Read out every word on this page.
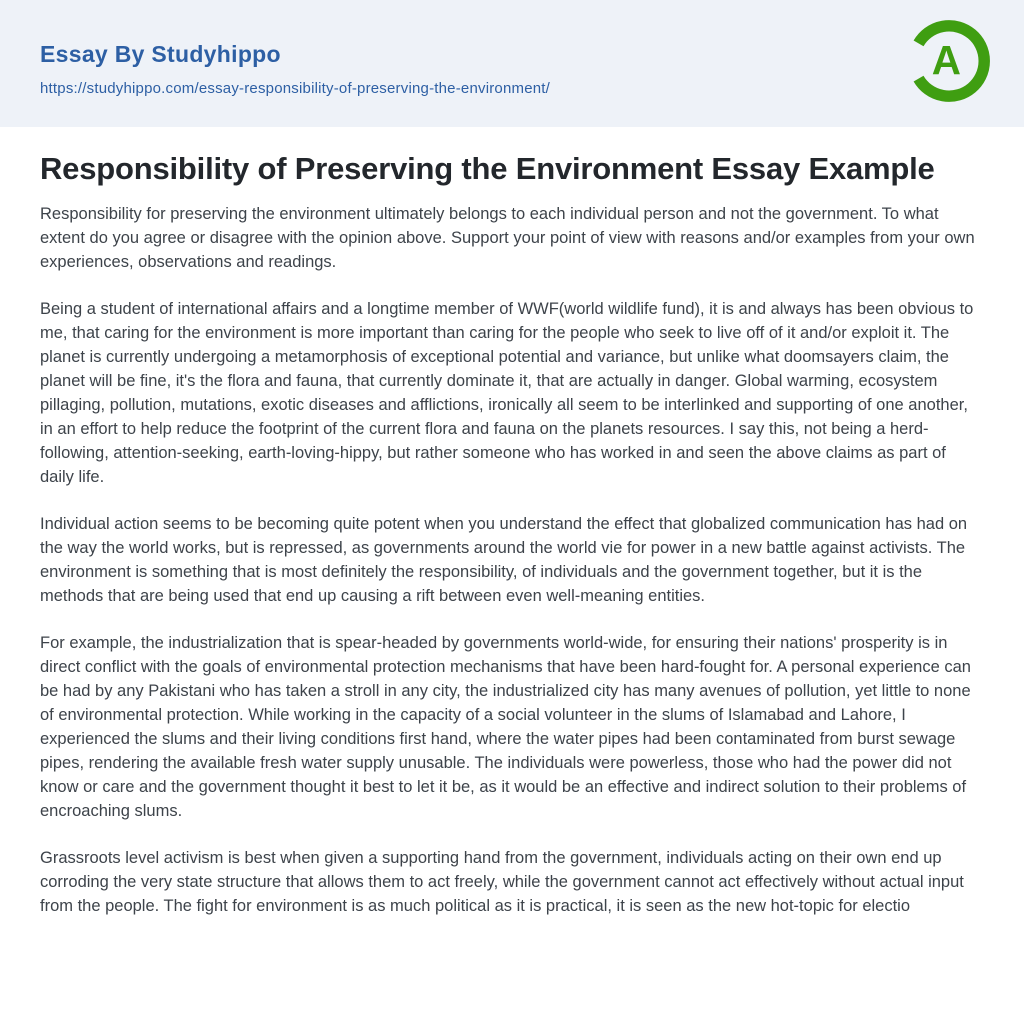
Essay By Studyhippo
https://studyhippo.com/essay-responsibility-of-preserving-the-environment/
A
Responsibility of Preserving the Environment Essay Example

Responsibility for preserving the environment ultimately belongs to each individual person and not the government. To what extent do you agree or disagree with the opinion above. Support your point of view with reasons and/or examples from your own experiences, observations and readings.

Being a student of international affairs and a longtime member of WWF(world wildlife fund), it is and always has been obvious to me, that caring for the environment is more important than caring for the people who seek to live off of it and/or exploit it. The planet is currently undergoing a metamorphosis of exceptional potential and variance, but unlike what doomsayers claim, the planet will be fine, it's the flora and fauna, that currently dominate it, that are actually in danger. Global warming, ecosystem pillaging, pollution, mutations, exotic diseases and afflictions, ironically all seem to be interlinked and supporting of one another, in an effort to help reduce the footprint of the current flora and fauna on the planets resources. I say this, not being a herd-following, attention-seeking, earth-loving-hippy, but rather someone who has worked in and seen the above claims as part of daily life.

Individual action seems to be becoming quite potent when you understand the effect that globalized communication has had on the way the world works, but is repressed, as governments around the world vie for power in a new battle against activists. The environment is something that is most definitely the responsibility, of individuals and the government together, but it is the methods that are being used that end up causing a rift between even well-meaning entities.

For example, the industrialization that is spear-headed by governments world-wide, for ensuring their nations' prosperity is in direct conflict with the goals of environmental protection mechanisms that have been hard-fought for. A personal experience can be had by any Pakistani who has taken a stroll in any city, the industrialized city has many avenues of pollution, yet little to none of environmental protection. While working in the capacity of a social volunteer in the slums of Islamabad and Lahore, I experienced the slums and their living conditions first hand, where the water pipes had been contaminated from burst sewage pipes, rendering the available fresh water supply unusable. The individuals were powerless, those who had the power did not know or care and the government thought it best to let it be, as it would be an effective and indirect solution to their problems of encroaching slums.

Grassroots level activism is best when given a supporting hand from the government, individuals acting on their own end up corroding the very state structure that allows them to act freely, while the government cannot act effectively without actual input from the people. The fight for environment is as much political as it is practical, it is seen as the new hot-topic for electio
